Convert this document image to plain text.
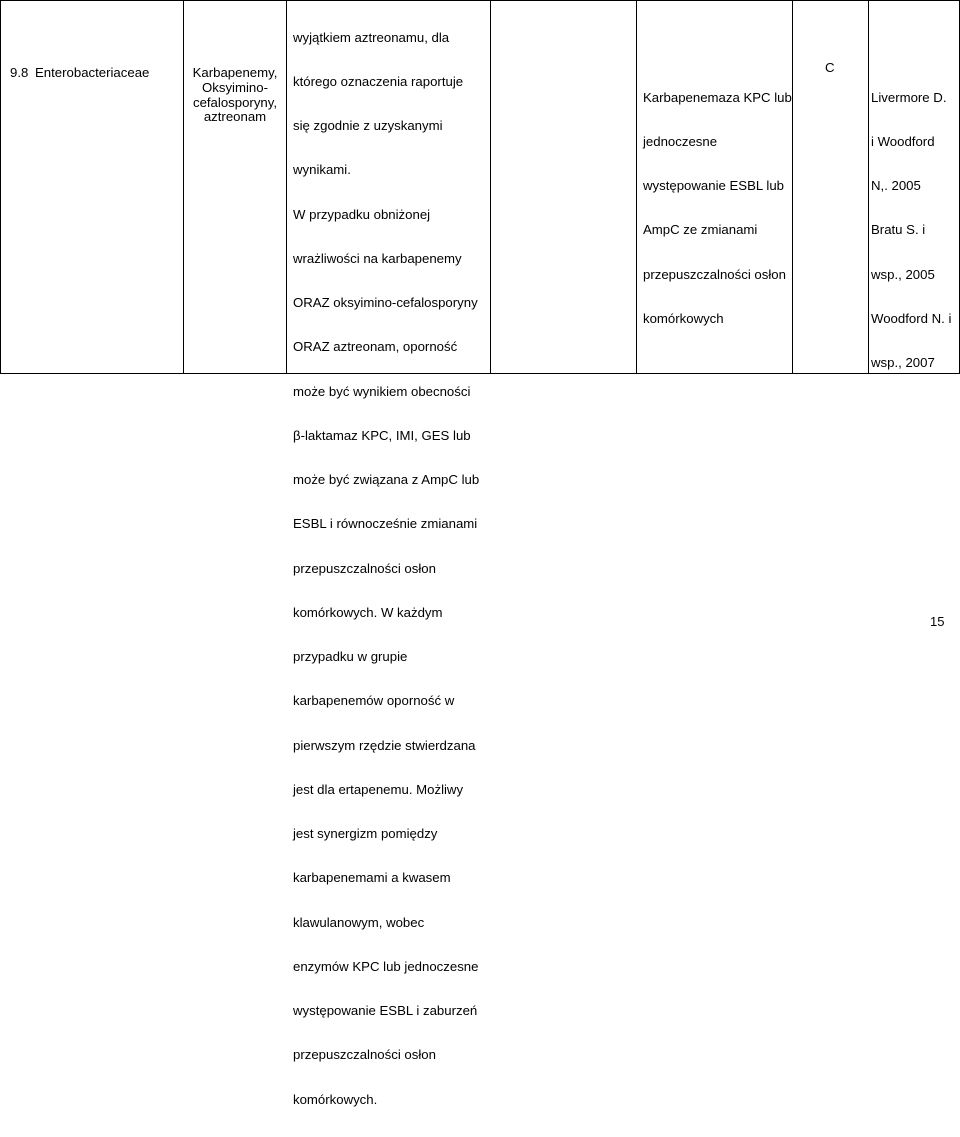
9.8 Enterobacteriaceae	Karbapenemy,
Oksyimino-
cefalosporyny,
aztreonam

wyjątkiem aztreonamu, dla

którego oznaczenia raportuje

się zgodnie z uzyskanymi

wynikami.

W przypadku obniżonej

wrażliwości na karbapenemy

ORAZ oksyimino-cefalosporyny

ORAZ aztreonam, oporność

może być wynikiem obecności

β-laktamaz KPC, IMI, GES lub

może być związana z AmpC lub

ESBL i równocześnie zmianami

przepuszczalności osłon

komórkowych. W każdym

przypadku w grupie

karbapenemów oporność w

pierwszym rzędzie stwierdzana

jest dla ertapenemu. Możliwy

jest synergizm pomiędzy

karbapenemami a kwasem

klawulanowym, wobec

enzymów KPC lub jednoczesne

występowanie ESBL i zaburzeń

przepuszczalności osłon

komórkowych.

Karbapenemaza KPC lub

jednoczesne

występowanie ESBL lub

AmpC ze zmianami

przepuszczalności osłon

komórkowych

C

Livermore D.

i Woodford

N,. 2005

Bratu S. i

wsp., 2005

Woodford N. i

wsp., 2007

15
